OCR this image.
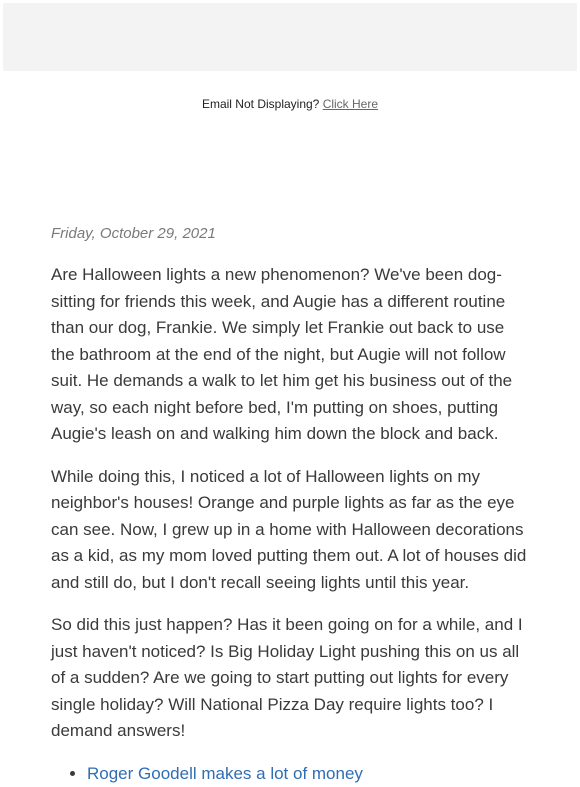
Email Not Displaying? Click Here
Friday, October 29, 2021

Are Halloween lights a new phenomenon? We've been dog-sitting for friends this week, and Augie has a different routine than our dog, Frankie. We simply let Frankie out back to use the bathroom at the end of the night, but Augie will not follow suit. He demands a walk to let him get his business out of the way, so each night before bed, I'm putting on shoes, putting Augie's leash on and walking him down the block and back.

While doing this, I noticed a lot of Halloween lights on my neighbor's houses! Orange and purple lights as far as the eye can see. Now, I grew up in a home with Halloween decorations as a kid, as my mom loved putting them out. A lot of houses did and still do, but I don't recall seeing lights until this year.

So did this just happen? Has it been going on for a while, and I just haven't noticed? Is Big Holiday Light pushing this on us all of a sudden? Are we going to start putting out lights for every single holiday? Will National Pizza Day require lights too? I demand answers!

• Roger Goodell makes a lot of money
